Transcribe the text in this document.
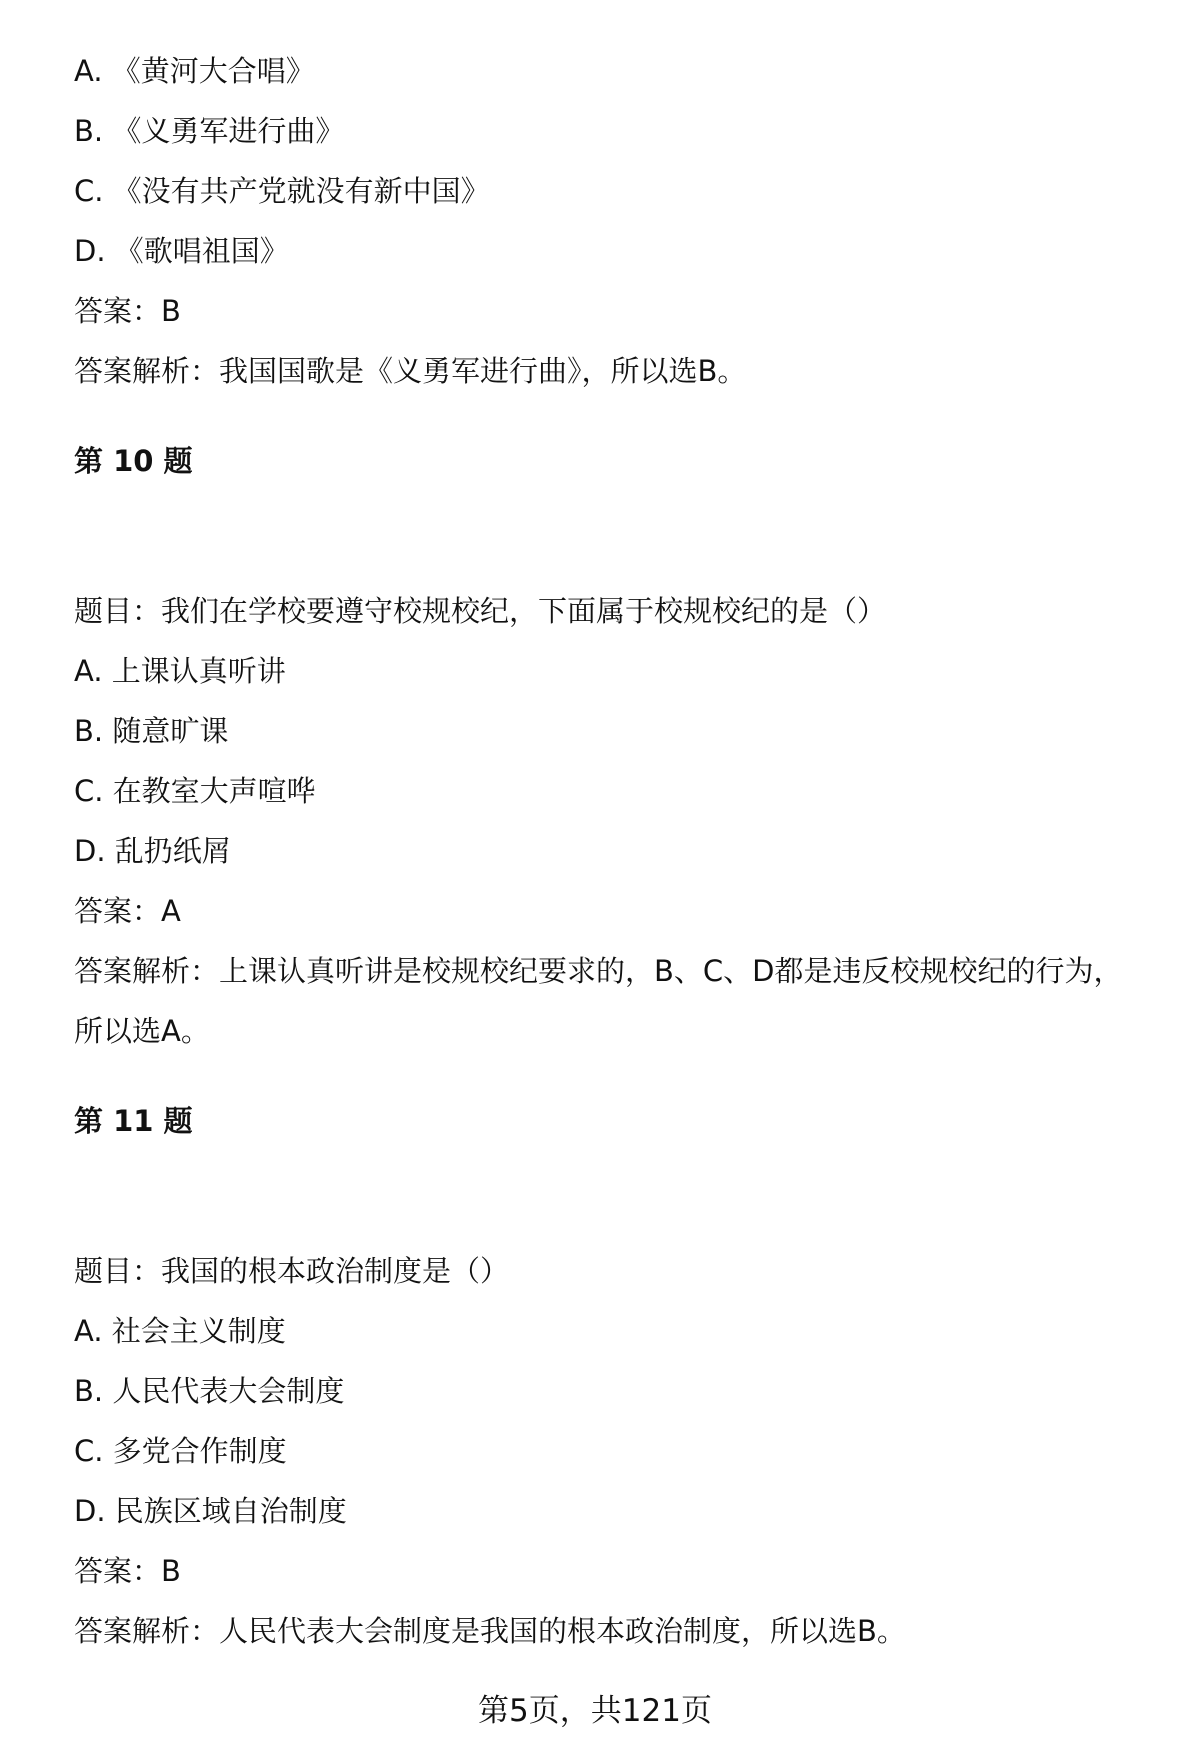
A. 《黄河大合唱》
B. 《义勇军进行曲》
C. 《没有共产党就没有新中国》
D. 《歌唱祖国》
答案：B
答案解析：我国国歌是《义勇军进行曲》，所以选B。
第 10 题
题目：我们在学校要遵守校规校纪，下面属于校规校纪的是（）
A. 上课认真听讲
B. 随意旷课
C. 在教室大声喧哗
D. 乱扔纸屑
答案：A
答案解析：上课认真听讲是校规校纪要求的，B、C、D都是违反校规校纪的行为，
所以选A。
第 11 题
题目：我国的根本政治制度是（）
A. 社会主义制度
B. 人民代表大会制度
C. 多党合作制度
D. 民族区域自治制度
答案：B
答案解析：人民代表大会制度是我国的根本政治制度，所以选B。
第5页，共121页
